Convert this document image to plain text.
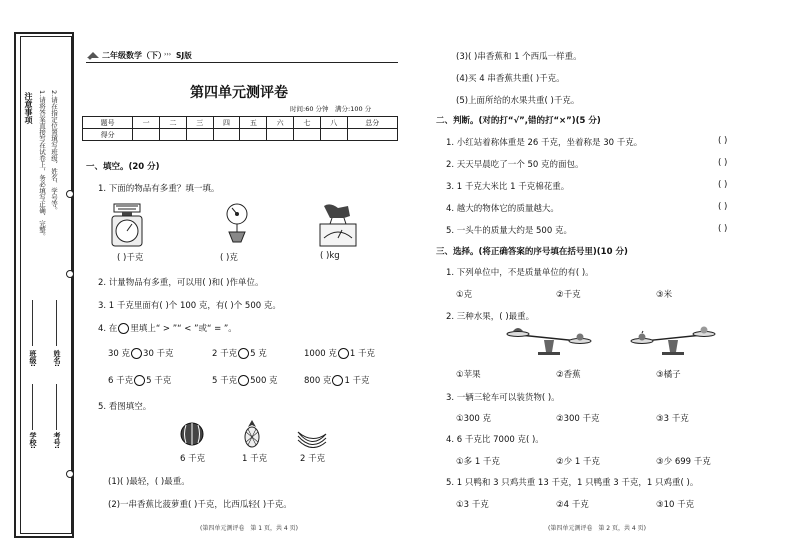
注意事项 1.请将答案直接写在试卷上，务必填写正确、完整。 2.请在指定位置填写班级、姓名、学号等。
班级: 姓名:
学校: 考号:
二年级数学（下）
››› SJ版
第四单元测评卷
时间:60 分钟　满分:100 分
题号	一	二	三	四	五	六	七	八	总分
得分									
一、填空。(20 分)
1. 下面的物品有多重？填一填。
( )千克	( )克	( )kg
2. 计量物品有多重，可以用( )和( )作单位。
3. 1 千克里面有( )个 100 克，有( )个 500 克。
4. 在 里填上“ > ”“ < ”或“ = ”。
30 克 30 千克	2 千克 5 克	1000 克 1 千克
6 千克 5 千克	5 千克 500 克	800 克 1 千克
5. 看图填空。
6 千克	1 千克	2 千克
(1)( )最轻，( )最重。
(2)一串香蕉比菠萝重( )千克，比西瓜轻( )千克。
(第四单元测评卷　第 1 页，共 4 页)
(3)( )串香蕉和 1 个西瓜一样重。
(4)买 4 串香蕉共重( )千克。
(5)上面所给的水果共重( )千克。
二、判断。(对的打“√”,错的打“×”)(5 分)
1. 小红站着称体重是 26 千克，坐着称是 30 千克。	( )
2. 天天早晨吃了一个 50 克的面包。	( )
3. 1 千克大米比 1 千克棉花重。	( )
4. 越大的物体它的质量越大。	( )
5. 一头牛的质量大约是 500 克。	( )
三、选择。(将正确答案的序号填在括号里)(10 分)
1. 下列单位中，不是质量单位的有( )。
①克	②千克	③米
2. 三种水果，( )最重。
①苹果	②香蕉	③橘子
3. 一辆三轮车可以装货物( )。
①300 克	②300 千克	③3 千克
4. 6 千克比 7000 克( )。
①多 1 千克	②少 1 千克	③少 699 千克
5. 1 只鸭和 3 只鸡共重 13 千克，1 只鸭重 3 千克，1 只鸡重( )。
①3 千克	②4 千克	③10 千克
(第四单元测评卷　第 2 页，共 4 页)
